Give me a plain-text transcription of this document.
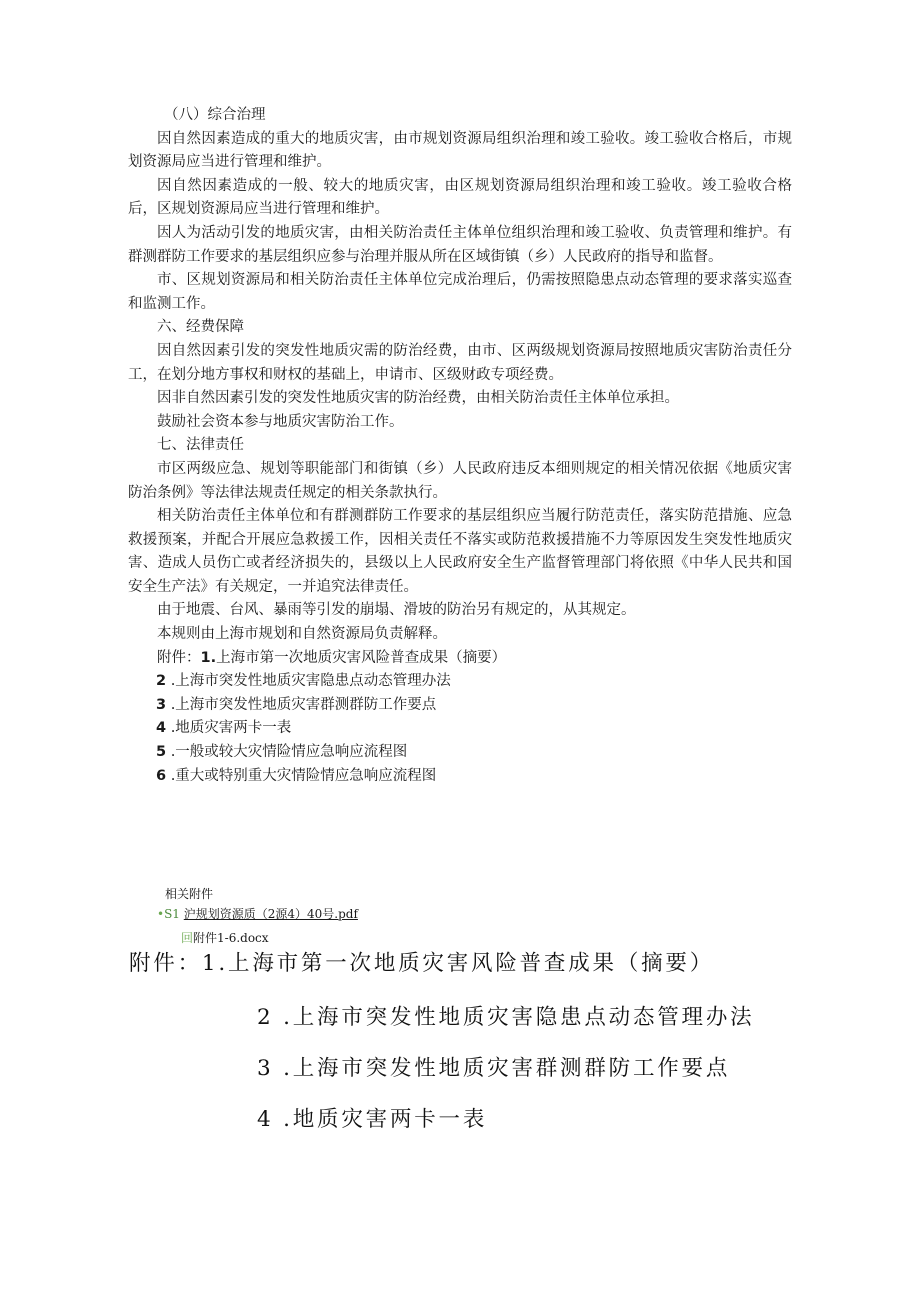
（八）综合治理

因自然因素造成的重大的地质灾害，由市规划资源局组织治理和竣工验收。竣工验收合格后，市规划资源局应当进行管理和维护。

因自然因素造成的一般、较大的地质灾害，由区规划资源局组织治理和竣工验收。竣工验收合格后，区规划资源局应当进行管理和维护。

因人为活动引发的地质灾害，由相关防治责任主体单位组织治理和竣工验收、负责管理和维护。有群测群防工作要求的基层组织应参与治理并服从所在区域街镇（乡）人民政府的指导和监督。

市、区规划资源局和相关防治责任主体单位完成治理后，仍需按照隐患点动态管理的要求落实巡查和监测工作。

六、经费保障

因自然因素引发的突发性地质灾需的防治经费，由市、区两级规划资源局按照地质灾害防治责任分工，在划分地方事权和财权的基础上，申请市、区级财政专项经费。

因非自然因素引发的突发性地质灾害的防治经费，由相关防治责任主体单位承担。

鼓励社会资本参与地质灾害防治工作。

七、法律责任

市区两级应急、规划等职能部门和街镇（乡）人民政府违反本细则规定的相关情况依据《地质灾害防治条例》等法律法规责任规定的相关条款执行。

相关防治责任主体单位和有群测群防工作要求的基层组织应当履行防范责任，落实防范措施、应急救援预案，并配合开展应急救援工作，因相关责任不落实或防范救援措施不力等原因发生突发性地质灾害、造成人员伤亡或者经济损失的，县级以上人民政府安全生产监督管理部门将依照《中华人民共和国安全生产法》有关规定，一并追究法律责任。

由于地震、台风、暴雨等引发的崩塌、滑坡的防治另有规定的，从其规定。

本规则由上海市规划和自然资源局负责解释。

附件：1.上海市第一次地质灾害风险普查成果（摘要）

2 .上海市突发性地质灾害隐患点动态管理办法

3 .上海市突发性地质灾害群测群防工作要点

4 .地质灾害两卡一表

5 .一般或较大灾情险情应急响应流程图

6 .重大或特别重大灾情险情应急响应流程图

相关附件
•S1 沪规划资源质（2源4）40号.pdf
回附件1-6.docx
附件：1.上海市第一次地质灾害风险普查成果（摘要）
2 .上海市突发性地质灾害隐患点动态管理办法
3 .上海市突发性地质灾害群测群防工作要点
4 .地质灾害两卡一表
